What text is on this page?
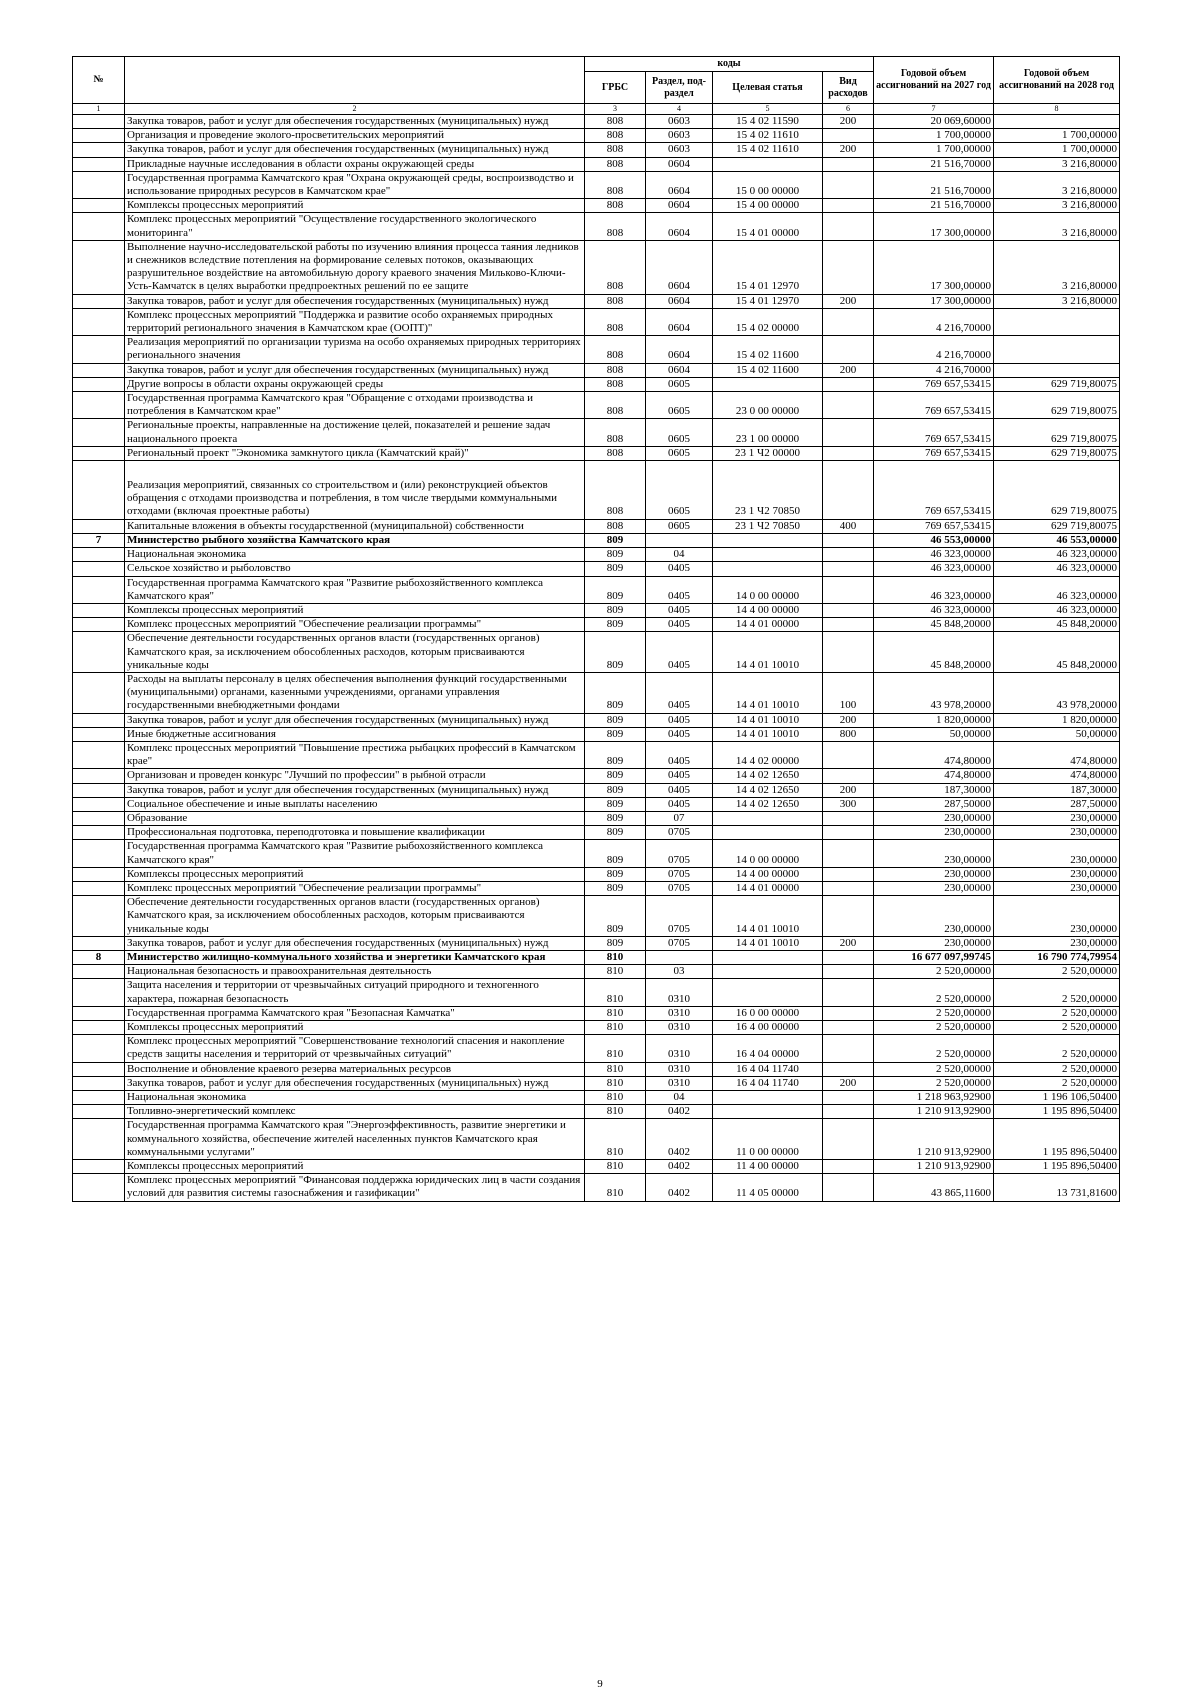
№		коды				Годовой объем ассигнований на 2027 год	Годовой объем ассигнований на 2028 год
		ГРБС	Раздел, под-раздел	Целевая статья	Вид расходов		
1	2	3	4	5	6	7	8
	Закупка товаров, работ и услуг для обеспечения государственных (муниципальных) нужд	808	0603	15 4 02 11590	200	20 069,60000	
	Организация и проведение эколого-просветительских мероприятий	808	0603	15 4 02 11610		1 700,00000	1 700,00000
	Закупка товаров, работ и услуг для обеспечения государственных (муниципальных) нужд	808	0603	15 4 02 11610	200	1 700,00000	1 700,00000
	Прикладные научные исследования в области охраны окружающей среды	808	0604			21 516,70000	3 216,80000
	Государственная программа Камчатского края "Охрана окружающей среды, воспроизводство и использование природных ресурсов в Камчатском крае"	808	0604	15 0 00 00000		21 516,70000	3 216,80000
	Комплексы процессных мероприятий	808	0604	15 4 00 00000		21 516,70000	3 216,80000
	Комплекс процессных мероприятий "Осуществление государственного экологического мониторинга"	808	0604	15 4 01 00000		17 300,00000	3 216,80000
	Выполнение научно-исследовательской работы по изучению влияния процесса таяния ледников и снежников вследствие потепления на формирование селевых потоков, оказывающих разрушительное воздействие на автомобильную дорогу краевого значения Мильково-Ключи-Усть-Камчатск в целях выработки предпроектных решений по ее защите	808	0604	15 4 01 12970		17 300,00000	3 216,80000
	Закупка товаров, работ и услуг для обеспечения государственных (муниципальных) нужд	808	0604	15 4 01 12970	200	17 300,00000	3 216,80000
	Комплекс процессных мероприятий "Поддержка и развитие особо охраняемых природных территорий регионального значения в Камчатском крае (ООПТ)"	808	0604	15 4 02 00000		4 216,70000	
	Реализация мероприятий по организации туризма на особо охраняемых природных территориях регионального значения	808	0604	15 4 02 11600		4 216,70000	
	Закупка товаров, работ и услуг для обеспечения государственных (муниципальных) нужд	808	0604	15 4 02 11600	200	4 216,70000	
	Другие вопросы в области охраны окружающей среды	808	0605			769 657,53415	629 719,80075
	Государственная программа Камчатского края "Обращение с отходами производства и потребления в Камчатском крае"	808	0605	23 0 00 00000		769 657,53415	629 719,80075
	Региональные проекты, направленные на достижение целей, показателей и решение задач национального проекта	808	0605	23 1 00 00000		769 657,53415	629 719,80075
	Региональный проект "Экономика замкнутого цикла (Камчатский край)"	808	0605	23 1 Ч2 00000		769 657,53415	629 719,80075
	Реализация мероприятий, связанных со строительством и (или) реконструкцией объектов обращения с отходами производства и потребления, в том числе твердыми коммунальными отходами (включая проектные работы)	808	0605	23 1 Ч2 70850		769 657,53415	629 719,80075
	Капитальные вложения в объекты государственной (муниципальной) собственности	808	0605	23 1 Ч2 70850	400	769 657,53415	629 719,80075
7	Министерство рыбного хозяйства Камчатского края	809				46 553,00000	46 553,00000
	Национальная экономика	809	04			46 323,00000	46 323,00000
	Сельское хозяйство и рыболовство	809	0405			46 323,00000	46 323,00000
	Государственная программа Камчатского края "Развитие рыбохозяйственного комплекса Камчатского края"	809	0405	14 0 00 00000		46 323,00000	46 323,00000
	Комплексы процессных мероприятий	809	0405	14 4 00 00000		46 323,00000	46 323,00000
	Комплекс процессных мероприятий "Обеспечение реализации программы"	809	0405	14 4 01 00000		45 848,20000	45 848,20000
	Обеспечение деятельности государственных органов власти (государственных органов) Камчатского края, за исключением обособленных расходов, которым присваиваются уникальные коды	809	0405	14 4 01 10010		45 848,20000	45 848,20000
	Расходы на выплаты персоналу в целях обеспечения выполнения функций государственными (муниципальными) органами, казенными учреждениями, органами управления государственными внебюджетными фондами	809	0405	14 4 01 10010	100	43 978,20000	43 978,20000
	Закупка товаров, работ и услуг для обеспечения государственных (муниципальных) нужд	809	0405	14 4 01 10010	200	1 820,00000	1 820,00000
	Иные бюджетные ассигнования	809	0405	14 4 01 10010	800	50,00000	50,00000
	Комплекс процессных мероприятий "Повышение престижа рыбацких профессий в Камчатском крае"	809	0405	14 4 02 00000		474,80000	474,80000
	Организован и проведен конкурс "Лучший по профессии" в рыбной отрасли	809	0405	14 4 02 12650		474,80000	474,80000
	Закупка товаров, работ и услуг для обеспечения государственных (муниципальных) нужд	809	0405	14 4 02 12650	200	187,30000	187,30000
	Социальное обеспечение и иные выплаты населению	809	0405	14 4 02 12650	300	287,50000	287,50000
	Образование	809	07			230,00000	230,00000
	Профессиональная подготовка, переподготовка и повышение квалификации	809	0705			230,00000	230,00000
	Государственная программа Камчатского края "Развитие рыбохозяйственного комплекса Камчатского края"	809	0705	14 0 00 00000		230,00000	230,00000
	Комплексы процессных мероприятий	809	0705	14 4 00 00000		230,00000	230,00000
	Комплекс процессных мероприятий "Обеспечение реализации программы"	809	0705	14 4 01 00000		230,00000	230,00000
	Обеспечение деятельности государственных органов власти (государственных органов) Камчатского края, за исключением обособленных расходов, которым присваиваются уникальные коды	809	0705	14 4 01 10010		230,00000	230,00000
	Закупка товаров, работ и услуг для обеспечения государственных (муниципальных) нужд	809	0705	14 4 01 10010	200	230,00000	230,00000
8	Министерство жилищно-коммунального хозяйства и энергетики Камчатского края	810				16 677 097,99745	16 790 774,79954
	Национальная безопасность и правоохранительная деятельность	810	03			2 520,00000	2 520,00000
	Защита населения и территории от чрезвычайных ситуаций природного и техногенного характера, пожарная безопасность	810	0310			2 520,00000	2 520,00000
	Государственная программа Камчатского края "Безопасная Камчатка"	810	0310	16 0 00 00000		2 520,00000	2 520,00000
	Комплексы процессных мероприятий	810	0310	16 4 00 00000		2 520,00000	2 520,00000
	Комплекс процессных мероприятий "Совершенствование технологий спасения и накопление средств защиты населения и территорий от чрезвычайных ситуаций"	810	0310	16 4 04 00000		2 520,00000	2 520,00000
	Восполнение и обновление краевого резерва материальных ресурсов	810	0310	16 4 04 11740		2 520,00000	2 520,00000
	Закупка товаров, работ и услуг для обеспечения государственных (муниципальных) нужд	810	0310	16 4 04 11740	200	2 520,00000	2 520,00000
	Национальная экономика	810	04			1 218 963,92900	1 196 106,50400
	Топливно-энергетический комплекс	810	0402			1 210 913,92900	1 195 896,50400
	Государственная программа Камчатского края "Энергоэффективность, развитие энергетики и коммунального хозяйства, обеспечение жителей населенных пунктов Камчатского края коммунальными услугами"	810	0402	11 0 00 00000		1 210 913,92900	1 195 896,50400
	Комплексы процессных мероприятий	810	0402	11 4 00 00000		1 210 913,92900	1 195 896,50400
	Комплекс процессных мероприятий "Финансовая поддержка юридических лиц в части создания условий для развития системы газоснабжения и газификации"	810	0402	11 4 05 00000		43 865,11600	13 731,81600
9
